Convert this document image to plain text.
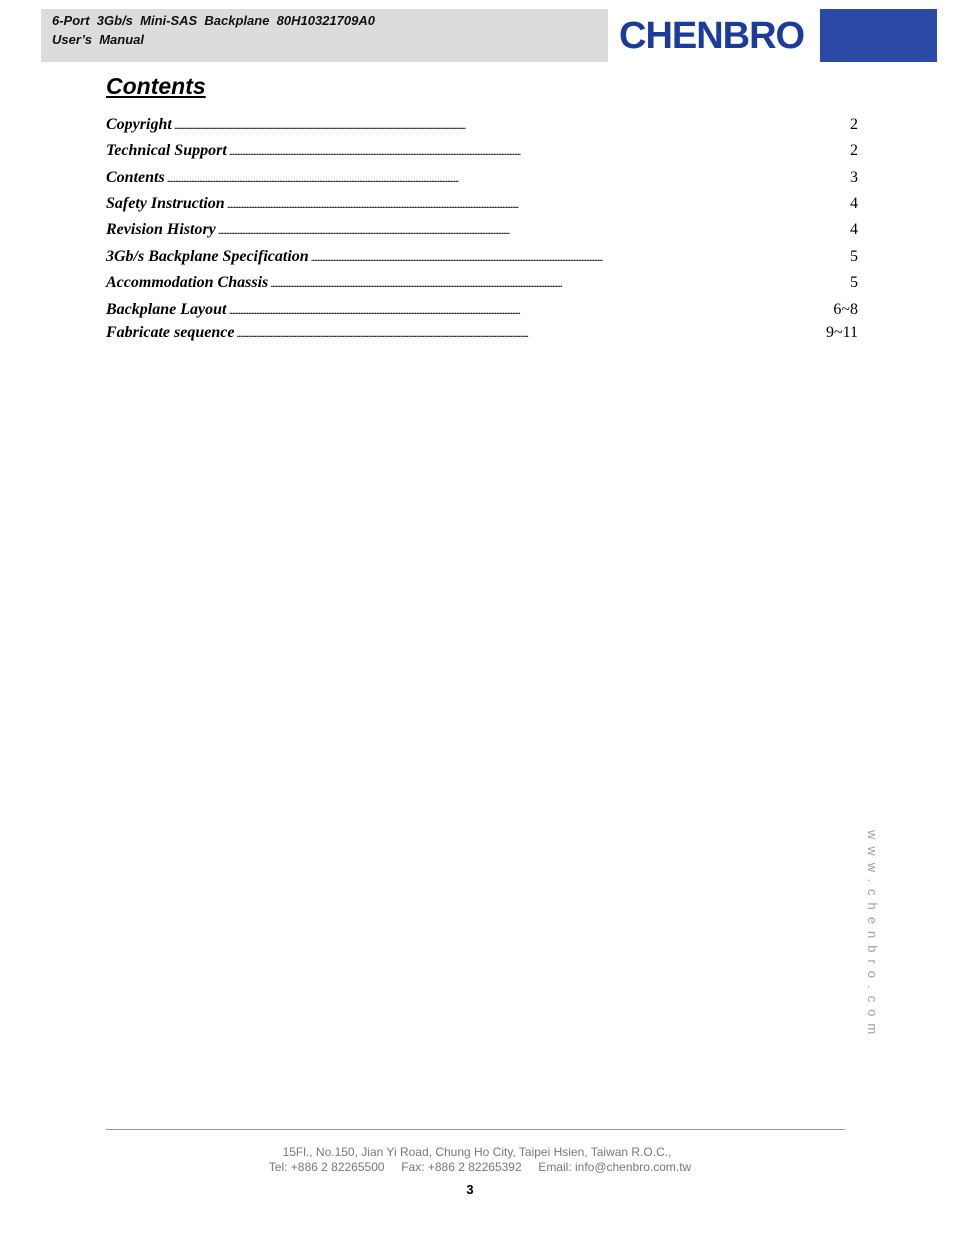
6-Port  3Gb/s  Mini-SAS  Backplane  80H10321709A0
User’s  Manual	CHENBRO
Contents
Copyright . . .	2
Technical Support . . .	2
Contents . . .	3
Safety Instruction . . .	4
Revision History . . .	4
3Gb/s Backplane Specification . . .	5
Accommodation Chassis . . .	5
Backplane Layout . . .	6~8
Fabricate sequence . . .	9~11
www.chenbro.com
15Fl., No.150, Jian Yi Road, Chung Ho City, Taipei Hsien, Taiwan R.O.C.,
Tel: +886 2 82265500     Fax: +886 2 82265392     Email: info@chenbro.com.tw
3
